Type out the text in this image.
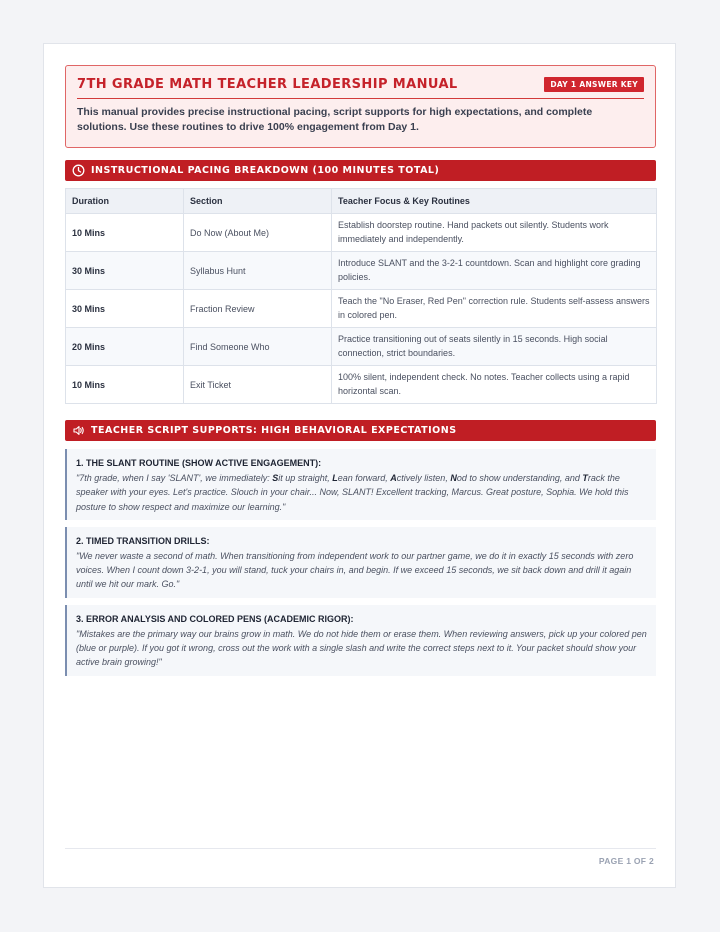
7TH GRADE MATH TEACHER LEADERSHIP MANUAL	DAY 1 ANSWER KEY
This manual provides precise instructional pacing, script supports for high expectations, and complete solutions. Use these routines to drive 100% engagement from Day 1.
INSTRUCTIONAL PACING BREAKDOWN (100 MINUTES TOTAL)
Duration	Section	Teacher Focus & Key Routines
10 Mins	Do Now (About Me)	Establish doorstep routine. Hand packets out silently. Students work immediately and independently.
30 Mins	Syllabus Hunt	Introduce SLANT and the 3-2-1 countdown. Scan and highlight core grading policies.
30 Mins	Fraction Review	Teach the "No Eraser, Red Pen" correction rule. Students self-assess answers in colored pen.
20 Mins	Find Someone Who	Practice transitioning out of seats silently in 15 seconds. High social connection, strict boundaries.
10 Mins	Exit Ticket	100% silent, independent check. No notes. Teacher collects using a rapid horizontal scan.
TEACHER SCRIPT SUPPORTS: HIGH BEHAVIORAL EXPECTATIONS
1. THE SLANT ROUTINE (SHOW ACTIVE ENGAGEMENT):
"7th grade, when I say 'SLANT', we immediately: Sit up straight, Lean forward, Actively listen, Nod to show understanding, and Track the speaker with your eyes. Let's practice. Slouch in your chair... Now, SLANT! Excellent tracking, Marcus. Great posture, Sophia. We hold this posture to show respect and maximize our learning."
2. TIMED TRANSITION DRILLS:
"We never waste a second of math. When transitioning from independent work to our partner game, we do it in exactly 15 seconds with zero voices. When I count down 3-2-1, you will stand, tuck your chairs in, and begin. If we exceed 15 seconds, we sit back down and drill it again until we hit our mark. Go."
3. ERROR ANALYSIS AND COLORED PENS (ACADEMIC RIGOR):
"Mistakes are the primary way our brains grow in math. We do not hide them or erase them. When reviewing answers, pick up your colored pen (blue or purple). If you got it wrong, cross out the work with a single slash and write the correct steps next to it. Your packet should show your active brain growing!"
PAGE 1 OF 2
